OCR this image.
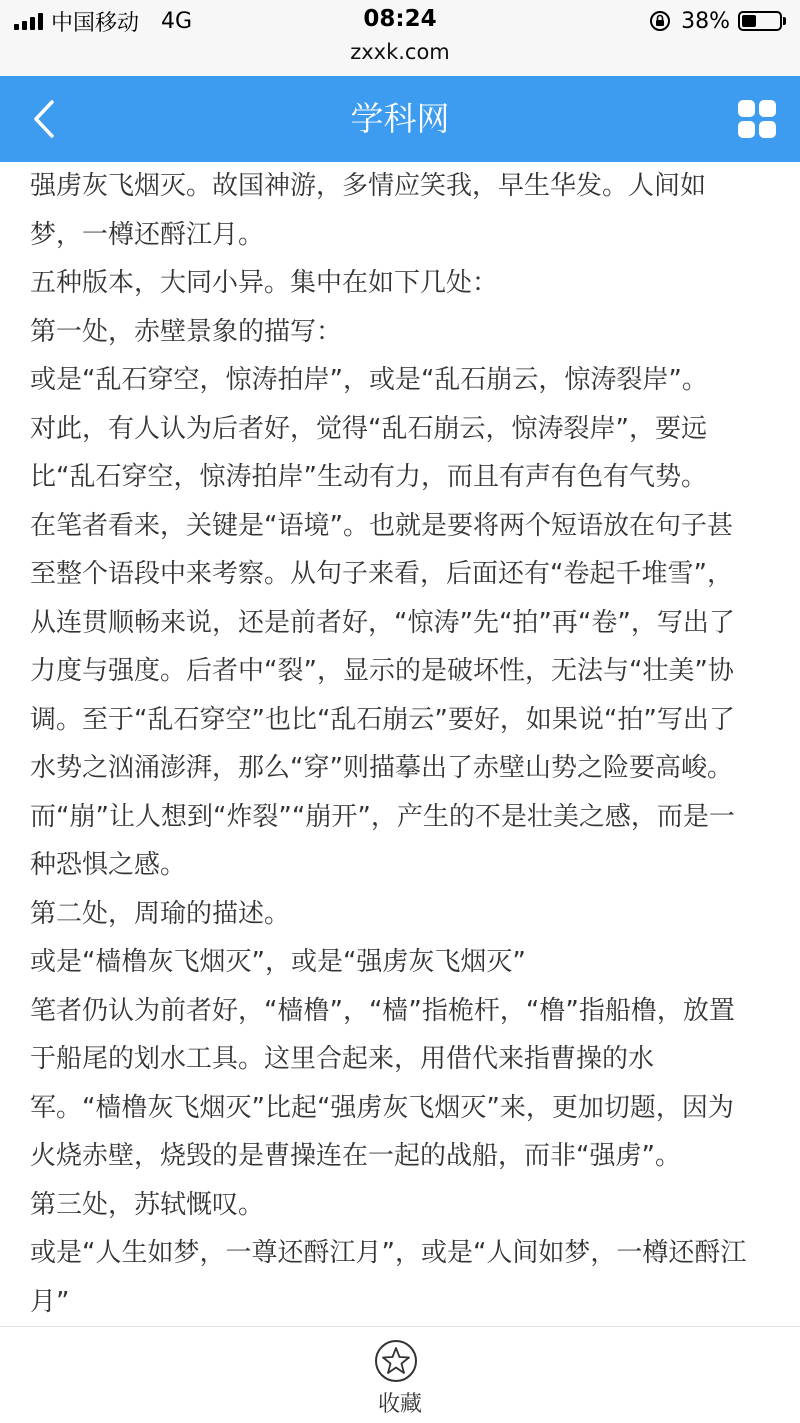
中国移动 4G	08:24	38%
zxxk.com
学科网

强虏灰飞烟灭。故国神游，多情应笑我，早生华发。人间如

梦，一樽还酹江月。

五种版本，大同小异。集中在如下几处：

第一处，赤壁景象的描写：

或是“乱石穿空，惊涛拍岸”，或是“乱石崩云，惊涛裂岸”。

对此，有人认为后者好，觉得“乱石崩云，惊涛裂岸”，要远

比“乱石穿空，惊涛拍岸”生动有力，而且有声有色有气势。

在笔者看来，关键是“语境”。也就是要将两个短语放在句子甚

至整个语段中来考察。从句子来看，后面还有“卷起千堆雪”，

从连贯顺畅来说，还是前者好，“惊涛”先“拍”再“卷”，写出了

力度与强度。后者中“裂”，显示的是破坏性，无法与“壮美”协

调。至于“乱石穿空”也比“乱石崩云”要好，如果说“拍”写出了

水势之汹涌澎湃，那么“穿”则描摹出了赤壁山势之险要高峻。

而“崩”让人想到“炸裂”“崩开”，产生的不是壮美之感，而是一

种恐惧之感。

第二处，周瑜的描述。

或是“樯橹灰飞烟灭”，或是“强虏灰飞烟灭”

笔者仍认为前者好，“樯橹”，“樯”指桅杆，“橹”指船橹，放置

于船尾的划水工具。这里合起来，用借代来指曹操的水

军。“樯橹灰飞烟灭”比起“强虏灰飞烟灭”来，更加切题，因为

火烧赤壁，烧毁的是曹操连在一起的战船，而非“强虏”。

第三处，苏轼慨叹。

或是“人生如梦，一尊还酹江月”，或是“人间如梦，一樽还酹江

月”

收藏
